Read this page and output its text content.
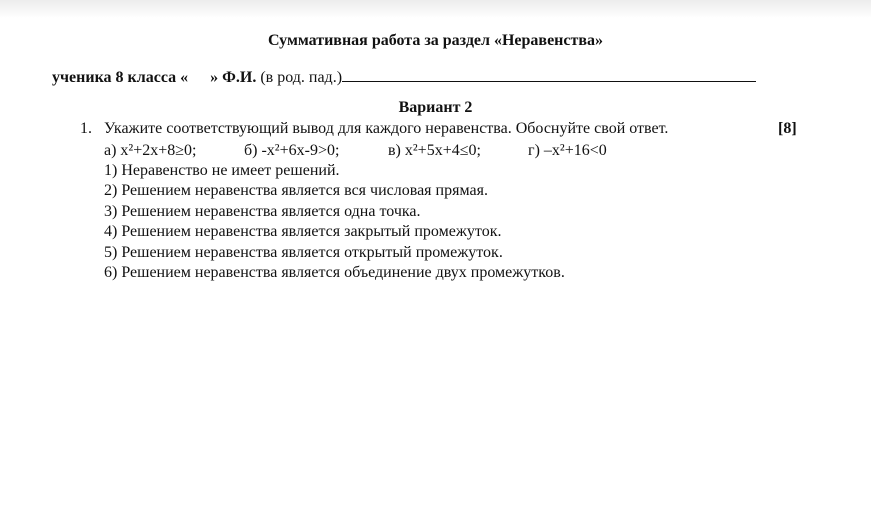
Суммативная работа за раздел «Неравенства»
ученика 8 класса « » Ф.И. (в род. пад.)
Вариант 2
1. Укажите соответствующий вывод для каждого неравенства. Обоснуйте свой ответ.	[8]
а) х²+2х+8≥0;	б) -х²+6х-9>0;	в) х²+5х+4≤0;	г) –х²+16<0
1) Неравенство не имеет решений.
2) Решением неравенства является вся числовая прямая.
3) Решением неравенства является одна точка.
4) Решением неравенства является закрытый промежуток.
5) Решением неравенства является открытый промежуток.
6) Решением неравенства является объединение двух промежутков.
